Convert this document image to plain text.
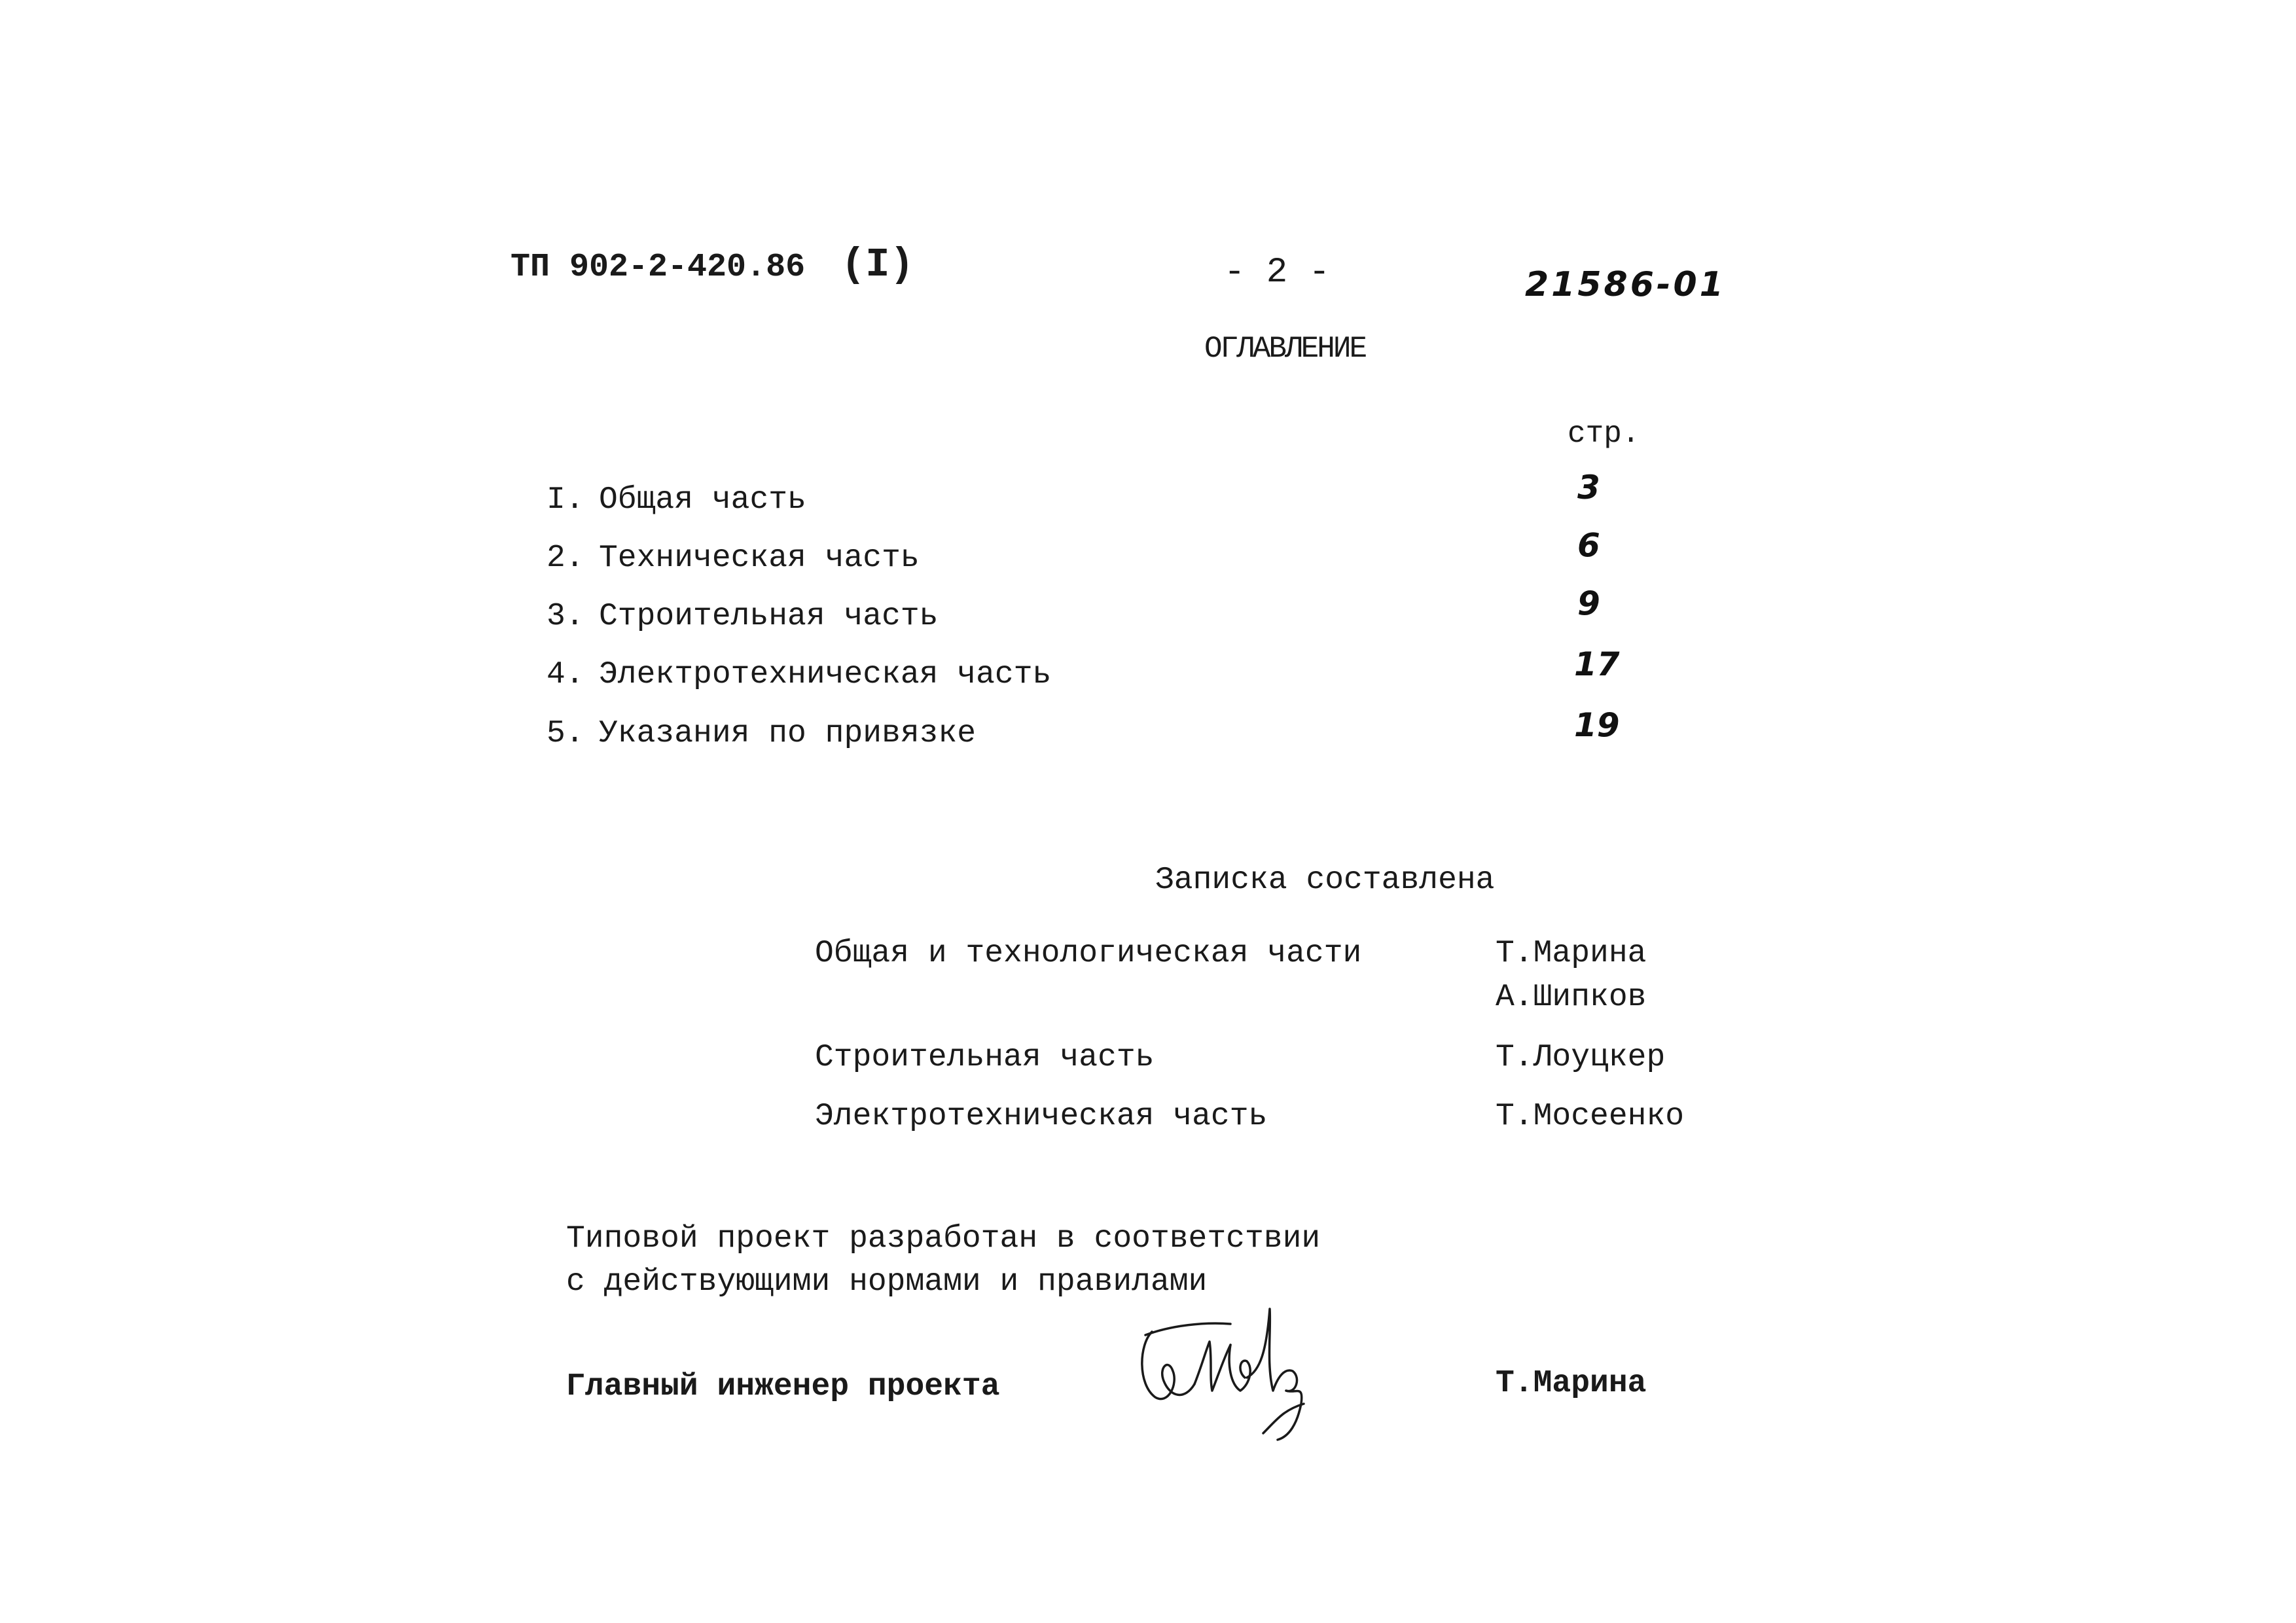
ТП 902-2-420.86 (I)	- 2 -	21586-01
ОГЛАВЛЕНИЕ
стр.
I. Общая часть	3
2. Техническая часть	6
3. Строительная часть	9
4. Электротехническая часть	17
5. Указания по привязке	19
Записка составлена
Общая и технологическая части	Т.Марина
А.Шипков
Строительная часть	Т.Лоуцкер
Электротехническая часть	Т.Мосеенко
Типовой проект разработан в соответствии
с действующими нормами и правилами
Главный инженер проекта	Т.Марина
